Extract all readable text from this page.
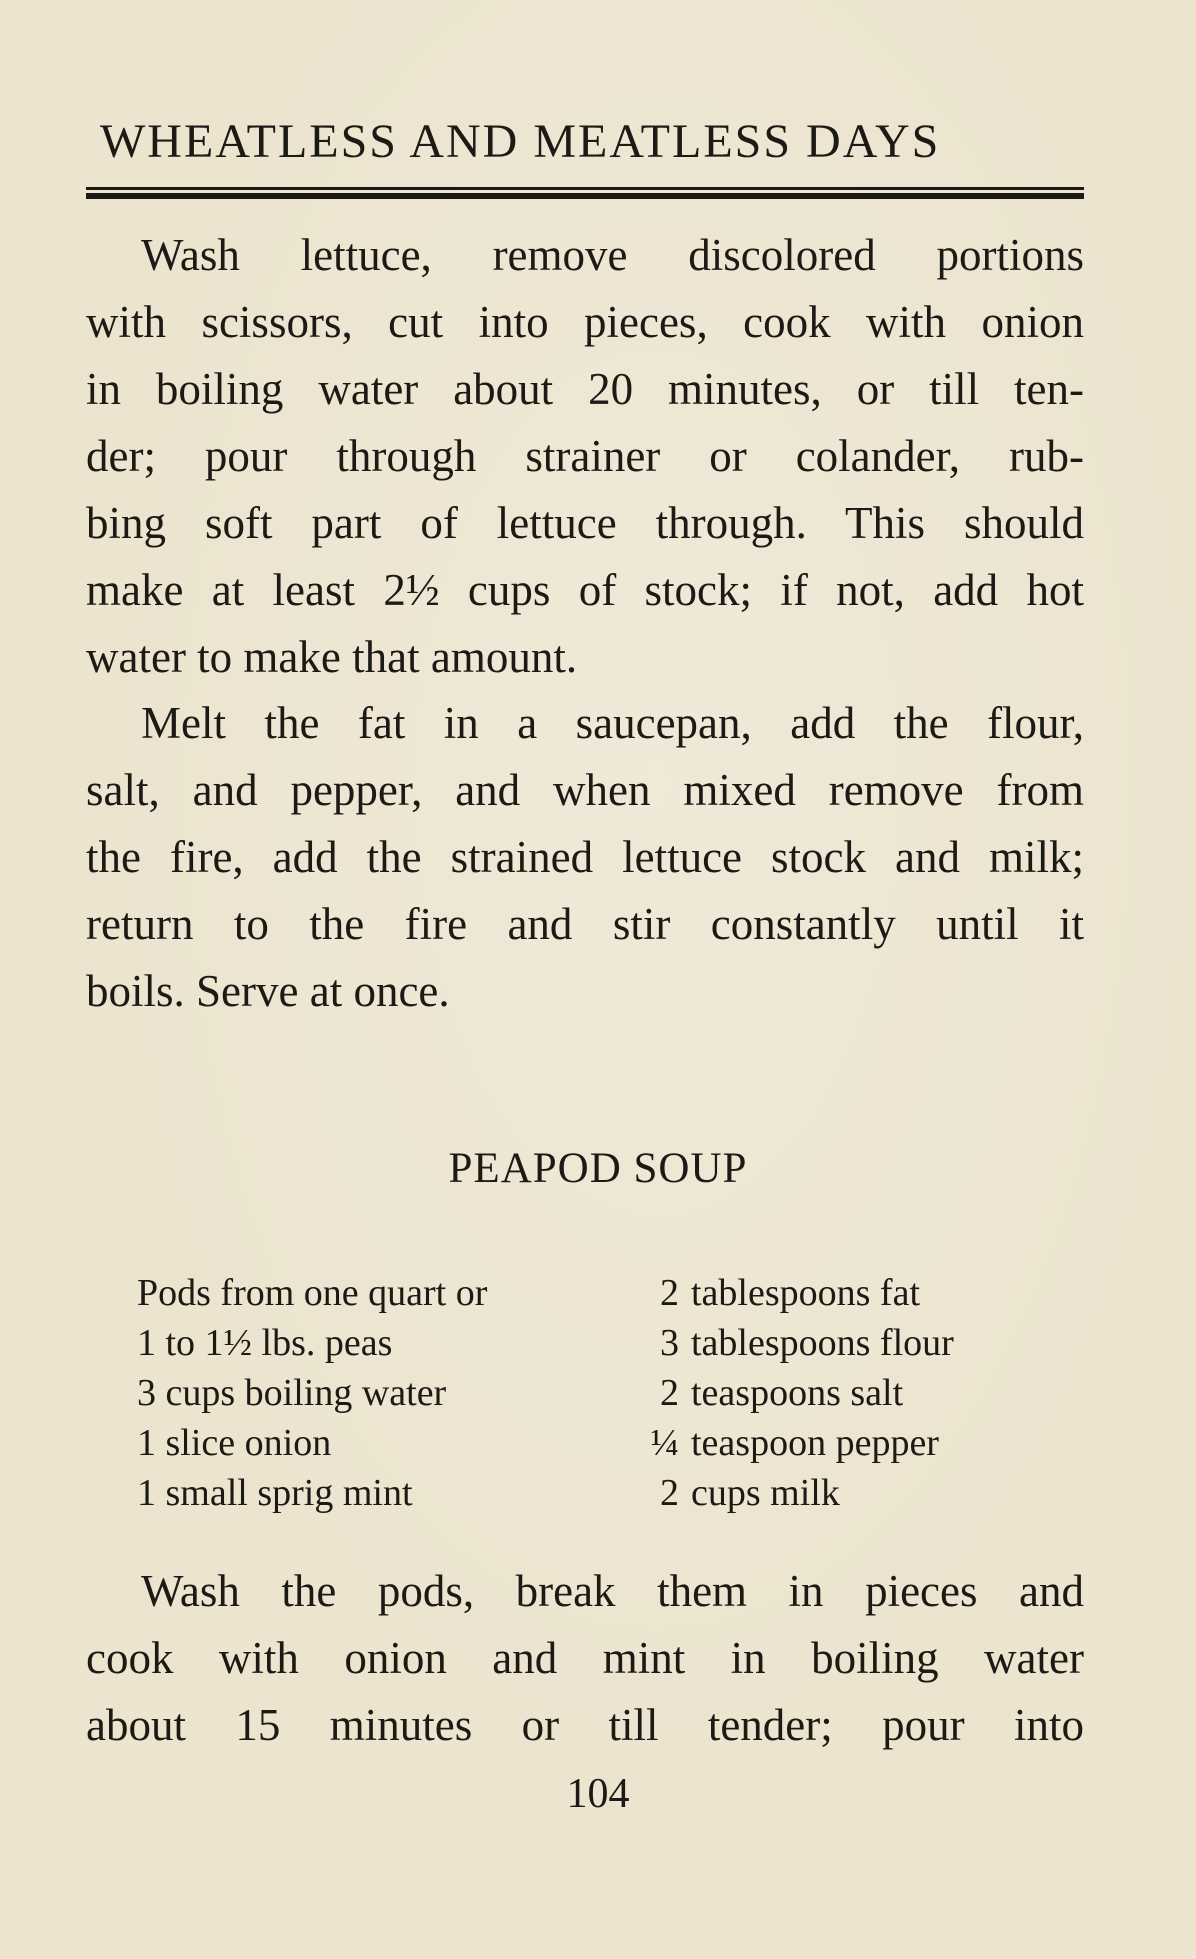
WHEATLESS AND MEATLESS DAYS
Wash lettuce, remove discolored portions
with scissors, cut into pieces, cook with onion
in boiling water about 20 minutes, or till ten-
der; pour through strainer or colander, rub-
bing soft part of lettuce through. This should
make at least 2½ cups of stock; if not, add hot
water to make that amount.
Melt the fat in a saucepan, add the flour,
salt, and pepper, and when mixed remove from
the fire, add the strained lettuce stock and milk;
return to the fire and stir constantly until it
boils. Serve at once.
PEAPOD SOUP
Pods from one quart or
1 to 1½ lbs. peas
3 cups boiling water
1 slice onion
1 small sprig mint
2 tablespoons fat
3 tablespoons flour
2 teaspoons salt
¼ teaspoon pepper
2 cups milk
Wash the pods, break them in pieces and
cook with onion and mint in boiling water
about 15 minutes or till tender; pour into
104
